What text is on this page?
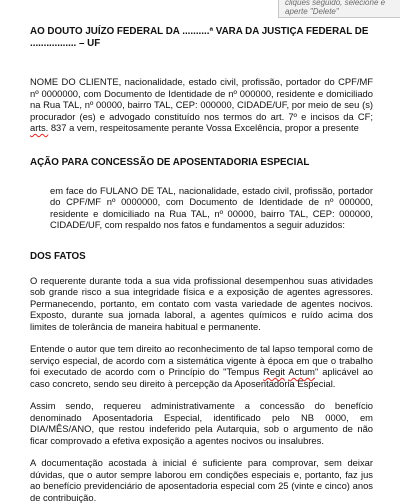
cliques seguido, selecione e
aperte "Delete"

AO DOUTO JUÍZO FEDERAL DA ..........ª VARA DA JUSTIÇA FEDERAL DE
................. – UF

NOME DO CLIENTE, nacionalidade, estado civil, profissão, portador do CPF/MF nº 0000000, com Documento de Identidade de nº 000000, residente e domiciliado na Rua TAL, nº 00000, bairro TAL, CEP: 000000, CIDADE/UF, por meio de seu (s) procurador (es) e advogado constituído nos termos do art. 7º e incisos da CF; arts. 837 a vem, respeitosamente perante Vossa Excelência, propor a presente

AÇÃO PARA CONCESSÃO DE APOSENTADORIA ESPECIAL

em face do FULANO DE TAL, nacionalidade, estado civil, profissão, portador do CPF/MF nº 0000000, com Documento de Identidade de nº 000000, residente e domiciliado na Rua TAL, nº 00000, bairro TAL, CEP: 000000, CIDADE/UF, com respaldo nos fatos e fundamentos a seguir aduzidos:

DOS FATOS

O requerente durante toda a sua vida profissional desempenhou suas atividades sob grande risco a sua integridade física e a exposição de agentes agressores. Permanecendo, portanto, em contato com vasta variedade de agentes nocivos. Exposto, durante sua jornada laboral, a agentes químicos e ruído acima dos limites de tolerância de maneira habitual e permanente.

Entende o autor que tem direito ao reconhecimento de tal lapso temporal como de serviço especial, de acordo com a sistemática vigente à época em que o trabalho foi executado de acordo com o Princípio do "Tempus Regit Actum" aplicável ao caso concreto, sendo seu direito à percepção da Aposentadoria Especial.

Assim sendo, requereu administrativamente a concessão do benefício denominado Aposentadoria Especial, identificado pelo NB 0000, em DIA/MÊS/ANO, que restou indeferido pela Autarquia, sob o argumento de não ficar comprovado a efetiva exposição a agentes nocivos ou insalubres.

A documentação acostada à inicial é suficiente para comprovar, sem deixar dúvidas, que o autor sempre laborou em condições especiais e, portanto, faz jus ao benefício previdenciário de aposentadoria especial com 25 (vinte e cinco) anos de contribuição.
